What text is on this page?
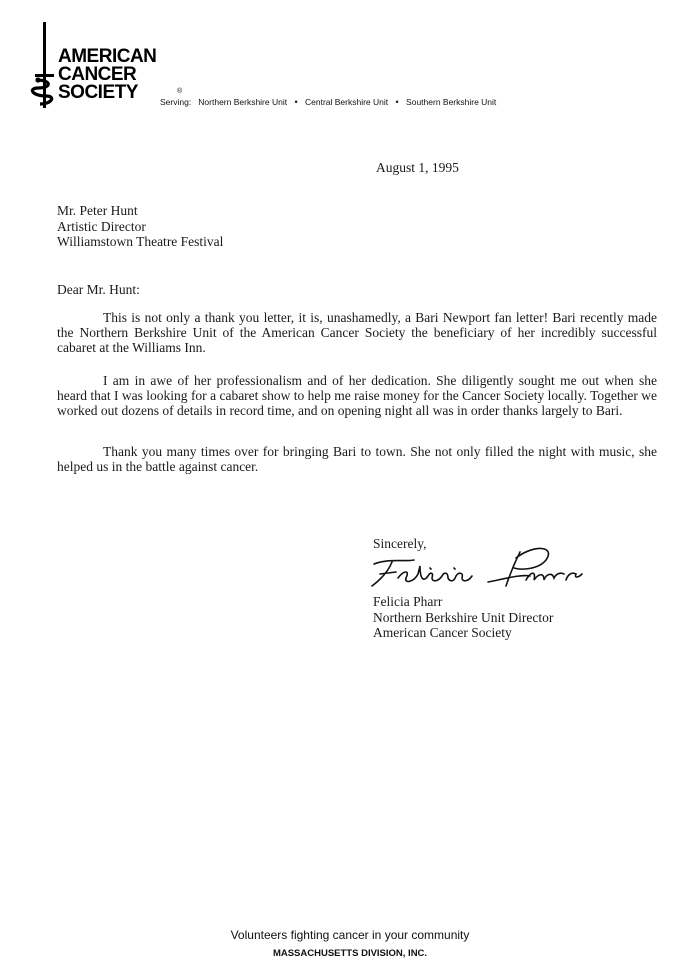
AMERICAN
CANCER
SOCIETY	®
Serving: Northern Berkshire Unit • Central Berkshire Unit • Southern Berkshire Unit
August 1, 1995
Mr. Peter Hunt
Artistic Director
Williamstown Theatre Festival
Dear Mr. Hunt:
This is not only a thank you letter, it is, unashamedly, a Bari Newport fan letter! Bari recently made the Northern Berkshire Unit of the American Cancer Society the beneficiary of her incredibly successful cabaret at the Williams Inn.
I am in awe of her professionalism and of her dedication. She diligently sought me out when she heard that I was looking for a cabaret show to help me raise money for the Cancer Society locally. Together we worked out dozens of details in record time, and on opening night all was in order thanks largely to Bari.
Thank you many times over for bringing Bari to town. She not only filled the night with music, she helped us in the battle against cancer.
Sincerely,
Felicia Pharr
Northern Berkshire Unit Director
American Cancer Society
Volunteers fighting cancer in your community
MASSACHUSETTS DIVISION, INC.
